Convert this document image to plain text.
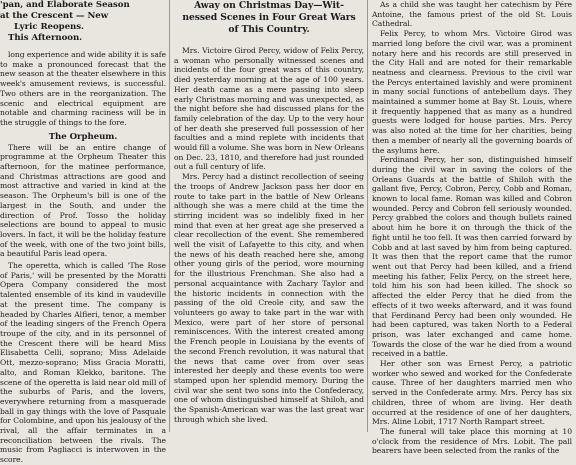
'pan, and Elaborate Season
at the Crescent — New
Lyric Reopens.
This Afternoon.

long experience and wide ability it is safe to make a pronounced forecast that the new season at the theater elsewhere in this week's amusement reviews, is successful. Two others are in the reorganization. The scenic and electrical equipment are notable and charming raciness will be in the struggle of things to the fore.

The Orpheum.

There will be an entire change of programme at the Orpheum Theater this afternoon, for the matinee performance, and Christmas attractions are good and most attractive and varied in kind at the season. The Orpheum's bill is one of the largest in the South, and under the direction of Prof. Tosso the holiday selections are bound to appeal to music lovers. In fact, it will be the holiday feature of the week, with one of the two joint bills, a beautiful Paris lead opera.

The operetta, which is called 'The Rose of Paris,' will be presented by the Moratti Opera Company considered the most talented ensemble of its kind in vaudeville at the present time. The company is headed by Charles Alfieri, tenor, a member of the leading singers of the French Opera troupe of the city, and in its personnel of the Crescent there will be heard Miss Elisabetta Celli, soprano; Miss Adelaide Ott, mezzo-soprano; Miss Gracia Moratti, alto, and Roman Klekko, baritone. The scene of the operetta is laid near old mill of the suburbs of Paris, and the lovers, everywhere returning from a masquerade ball in gay things with the love of Pasquale for Colombine, and upon his jealousy of the rival, all the affair terminates in a reconciliation between the rivals. The music from Pagliacci is interwoven in the score.

Away on Christmas Day—Wit-
nessed Scenes in Four Great Wars
of This Country.

Mrs. Victoire Girod Percy, widow of Felix Percy, a woman who personally witnessed scenes and incidents of the four great wars of this country, died yesterday morning at the age of 100 years. Her death came as a mere passing into sleep early Christmas morning and was unexpected, as the night before she had discussed plans for the family celebration of the day. Up to the very hour of her death she preserved full possession of her faculties and a mind replete with incidents that would fill a volume. She was born in New Orleans on Dec. 23, 1810, and therefore had just rounded out a full century of life.

Mrs. Percy had a distinct recollection of seeing the troops of Andrew Jackson pass her door en route to take part in the battle of New Orleans although she was a mere child at the time the stirring incident was so indelibly fixed in her mind that even at her great age she preserved a clear recollection of the event. She remembered well the visit of Lafayette to this city, and when the news of his death reached here she, among other young girls of the period, wore mourning for the illustrious Frenchman. She also had a personal acquaintance with Zachary Taylor and the historic incidents in connection with the passing of the old Creole city, and saw the volunteers go away to take part in the war with Mexico, were part of her store of personal reminiscences. With the interest created among the French people in Louisiana by the events of the second French revolution, it was natural that the news that came over from over seas interested her deeply and these events too were stamped upon her splendid memory. During the civil war she sent two sons into the Confederacy, one of whom distinguished himself at Shiloh, and the Spanish-American war was the last great war through which she lived.

As a child she was taught her catechism by Pére Antoine, the famous priest of the old St. Louis Cathedral.

Felix Percy, to whom Mrs. Victoire Girod was married long before the civil war, was a prominent notary here and his records are still preserved in the City Hall and are noted for their remarkable neatness and clearness. Previous to the civil war the Percys entertained lavishly and were prominent in many social functions of antebellum days. They maintained a summer home at Bay St. Louis, where it frequently happened that as many as a hundred guests were lodged for house parties. Mrs. Percy was also noted at the time for her charities, being then a member of nearly all the governing boards of the asylums here.

Ferdinand Percy, her son, distinguished himself during the civil war in saving the colors of the Orleans Guards at the battle of Shiloh with the gallant five, Percy, Cobron, Percy, Cobb and Roman, known to local fame. Roman was killed and Cobron wounded. Percy and Cobron fell seriously wounded. Percy grabbed the colors and though bullets rained about him he bore it on through the thick of the fight until he too fell. It was then carried forward by Cobb and at last saved by him from being captured. It was then that the report came that the rumor went out that Percy had been killed, and a friend meeting his father, Felix Percy, on the street here, told him his son had been killed. The shock so affected the elder Percy that he died from the effects of it two weeks afterward, and it was found that Ferdinand Percy had been only wounded. He had been captured, was taken North to a Federal prison, was later exchanged and came home. Towards the close of the war he died from a wound received in a battle.

Her other son was Ernest Percy, a patriotic worker who sewed and worked for the Confederate cause. Three of her daughters married men who served in the Confederate army. Mrs. Percy has six children, three of whom are living. Her death occurred at the residence of one of her daughters, Mrs. Aline Lobit, 1717 North Rampart street.

The funeral will take place this morning at 10 o'clock from the residence of Mrs. Lobit. The pall bearers have been selected from the ranks of the
